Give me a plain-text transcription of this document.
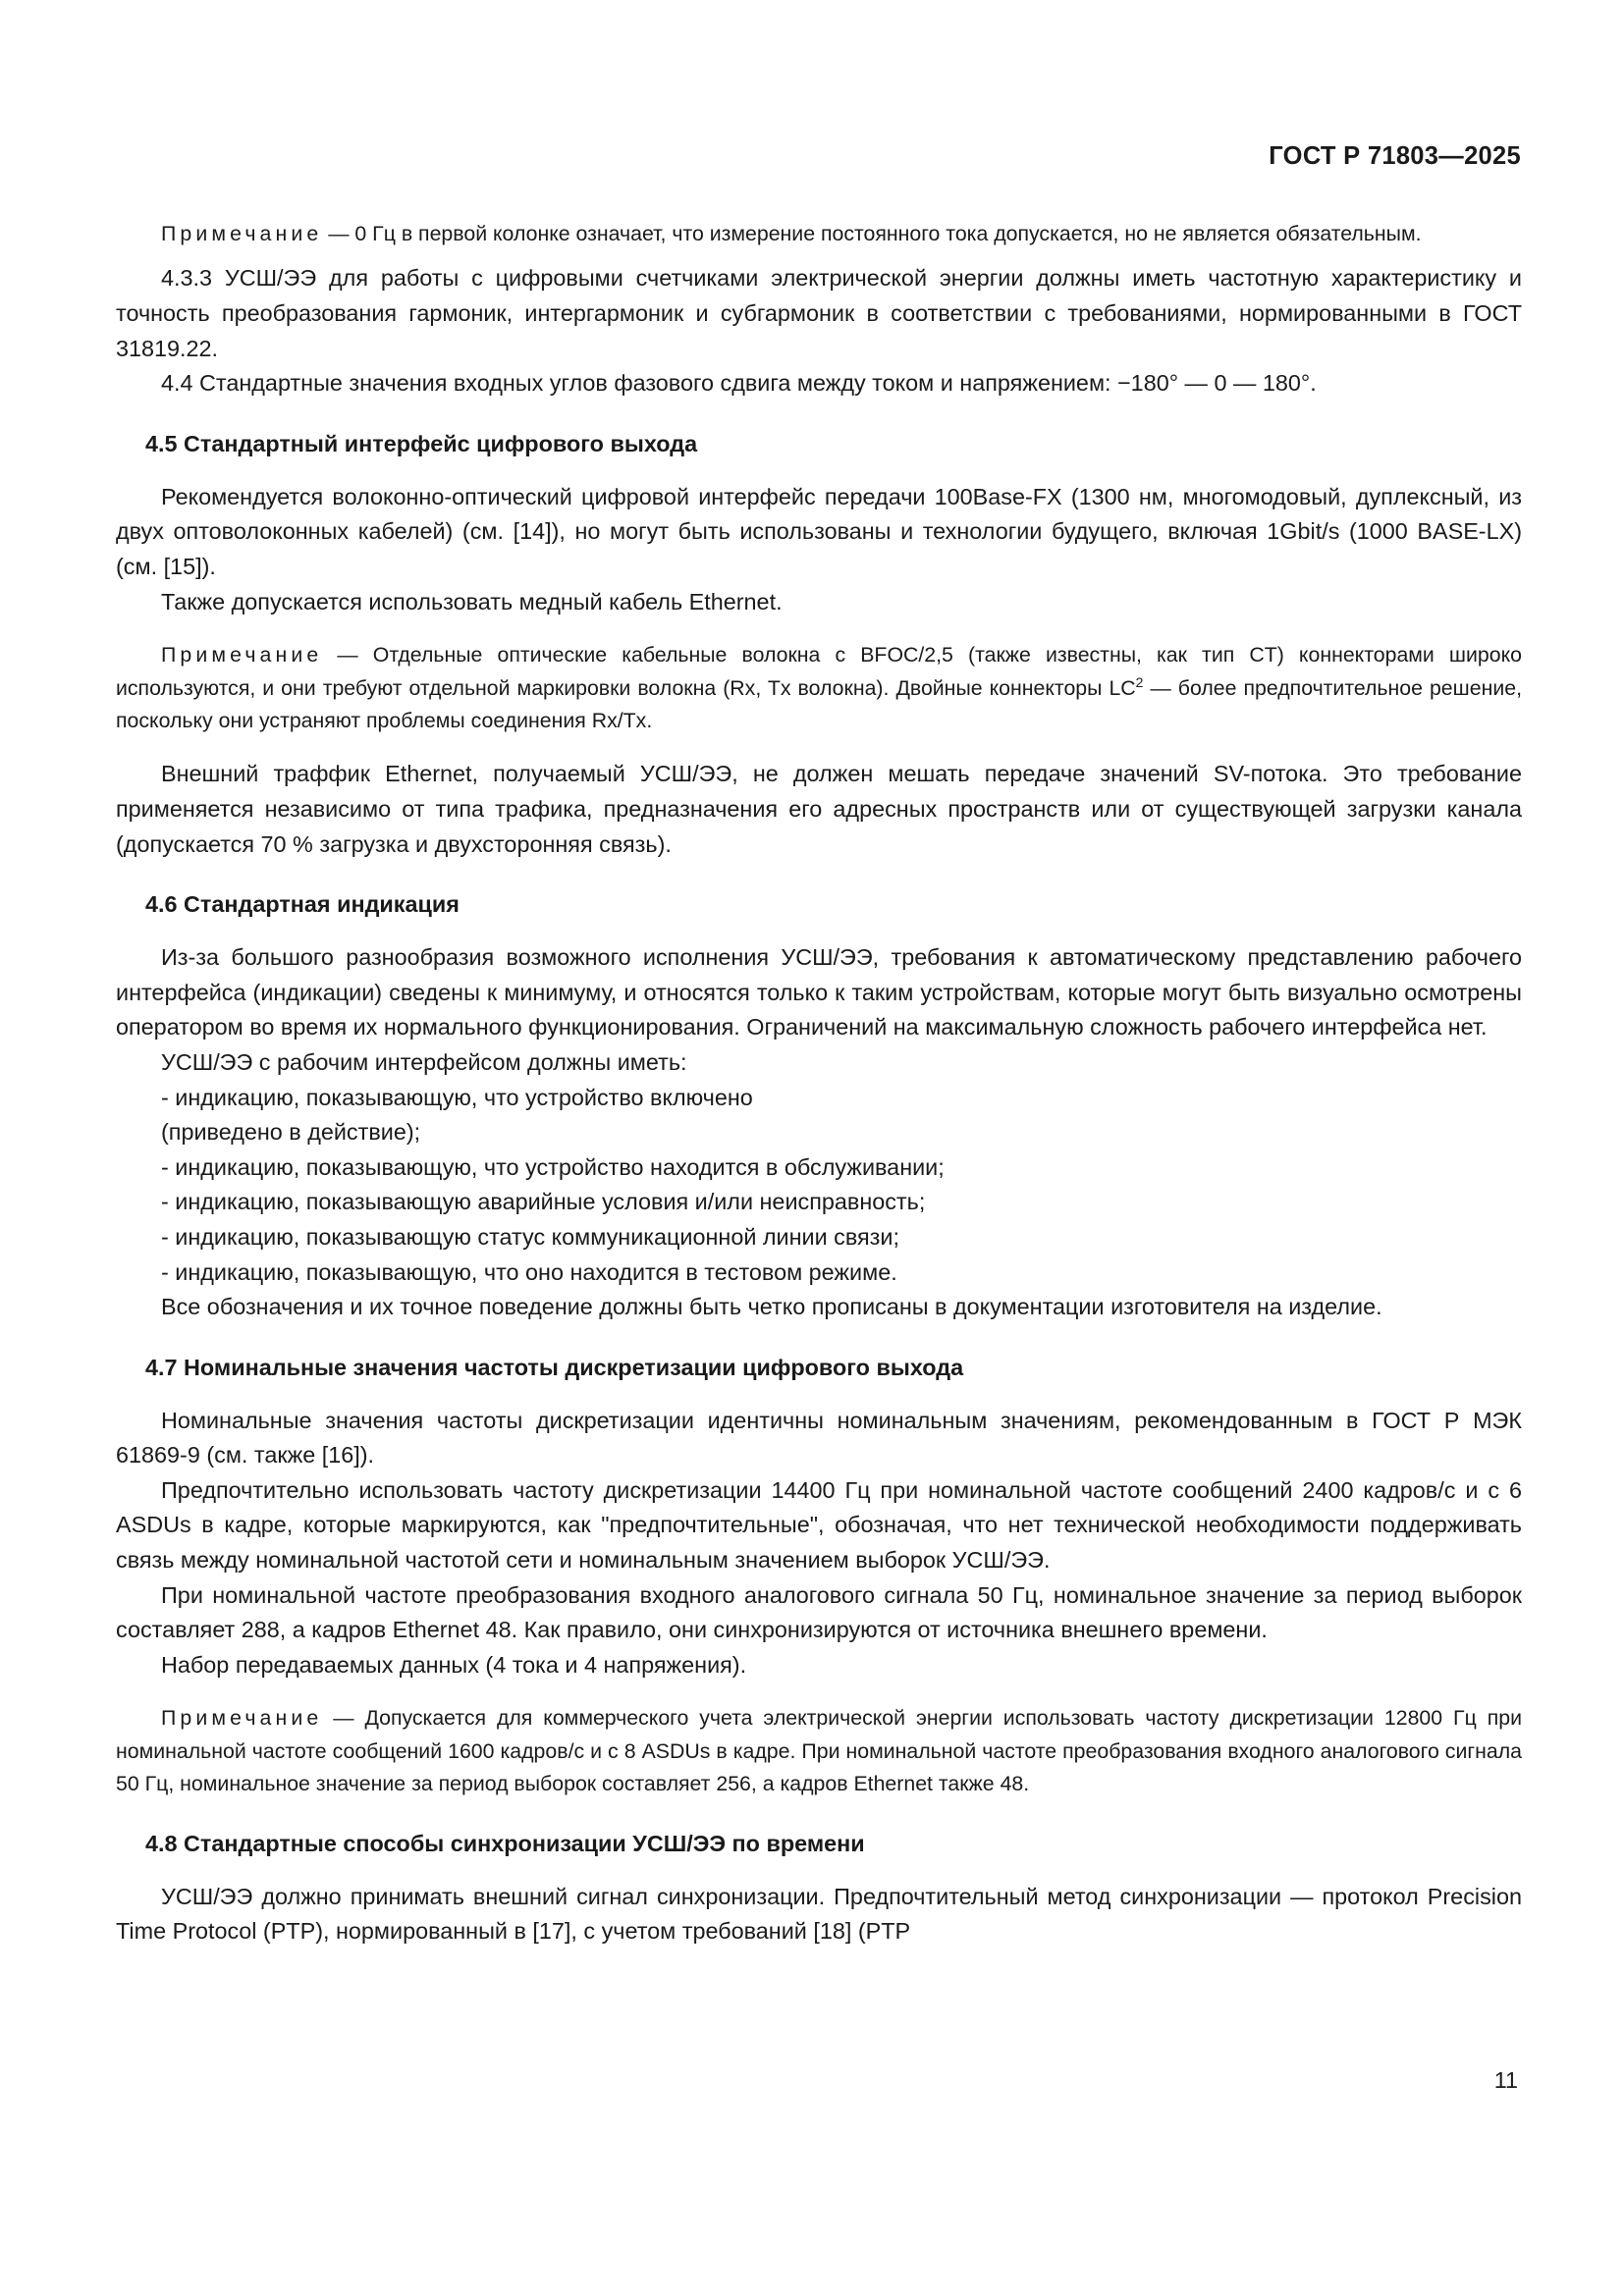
ГОСТ Р 71803—2025

Примечание — 0 Гц в первой колонке означает, что измерение постоянного тока допускается, но не является обязательным.

4.3.3 УСШ/ЭЭ для работы с цифровыми счетчиками электрической энергии должны иметь частотную характеристику и точность преобразования гармоник, интергармоник и субгармоник в соответствии с требованиями, нормированными в ГОСТ 31819.22.

4.4 Стандартные значения входных углов фазового сдвига между током и напряжением: −180° — 0 — 180°.

4.5 Стандартный интерфейс цифрового выхода

Рекомендуется волоконно-оптический цифровой интерфейс передачи 100Base-FX (1300 нм, многомодовый, дуплексный, из двух оптоволоконных кабелей) (см. [14]), но могут быть использованы и технологии будущего, включая 1Gbit/s (1000 BASE-LX) (см. [15]).

Также допускается использовать медный кабель Ethernet.

Примечание — Отдельные оптические кабельные волокна с BFOC/2,5 (также известны, как тип CT) коннекторами широко используются, и они требуют отдельной маркировки волокна (Rx, Tx волокна). Двойные коннекторы $LC^2$ — более предпочтительное решение, поскольку они устраняют проблемы соединения Rx/Tx.

Внешний траффик Ethernet, получаемый УСШ/ЭЭ, не должен мешать передаче значений SV-потока. Это требование применяется независимо от типа трафика, предназначения его адресных пространств или от существующей загрузки канала (допускается 70 % загрузка и двухсторонняя связь).

4.6 Стандартная индикация

Из-за большого разнообразия возможного исполнения УСШ/ЭЭ, требования к автоматическому представлению рабочего интерфейса (индикации) сведены к минимуму, и относятся только к таким устройствам, которые могут быть визуально осмотрены оператором во время их нормального функционирования. Ограничений на максимальную сложность рабочего интерфейса нет.

УСШ/ЭЭ с рабочим интерфейсом должны иметь:

- индикацию, показывающую, что устройство включено

(приведено в действие);

- индикацию, показывающую, что устройство находится в обслуживании;

- индикацию, показывающую аварийные условия и/или неисправность;

- индикацию, показывающую статус коммуникационной линии связи;

- индикацию, показывающую, что оно находится в тестовом режиме.

Все обозначения и их точное поведение должны быть четко прописаны в документации изготовителя на изделие.

4.7 Номинальные значения частоты дискретизации цифрового выхода

Номинальные значения частоты дискретизации идентичны номинальным значениям, рекомендованным в ГОСТ Р МЭК 61869-9 (см. также [16]).

Предпочтительно использовать частоту дискретизации 14400 Гц при номинальной частоте сообщений 2400 кадров/с и с 6 ASDUs в кадре, которые маркируются, как "предпочтительные", обозначая, что нет технической необходимости поддерживать связь между номинальной частотой сети и номинальным значением выборок УСШ/ЭЭ.

При номинальной частоте преобразования входного аналогового сигнала 50 Гц, номинальное значение за период выборок составляет 288, а кадров Ethernet 48. Как правило, они синхронизируются от источника внешнего времени.

Набор передаваемых данных (4 тока и 4 напряжения).

Примечание — Допускается для коммерческого учета электрической энергии использовать частоту дискретизации 12800 Гц при номинальной частоте сообщений 1600 кадров/с и с 8 ASDUs в кадре. При номинальной частоте преобразования входного аналогового сигнала 50 Гц, номинальное значение за период выборок составляет 256, а кадров Ethernet также 48.

4.8 Стандартные способы синхронизации УСШ/ЭЭ по времени

УСШ/ЭЭ должно принимать внешний сигнал синхронизации. Предпочтительный метод синхронизации — протокол Precision Time Protocol (PTP), нормированный в [17], с учетом требований [18] (PTP

11
